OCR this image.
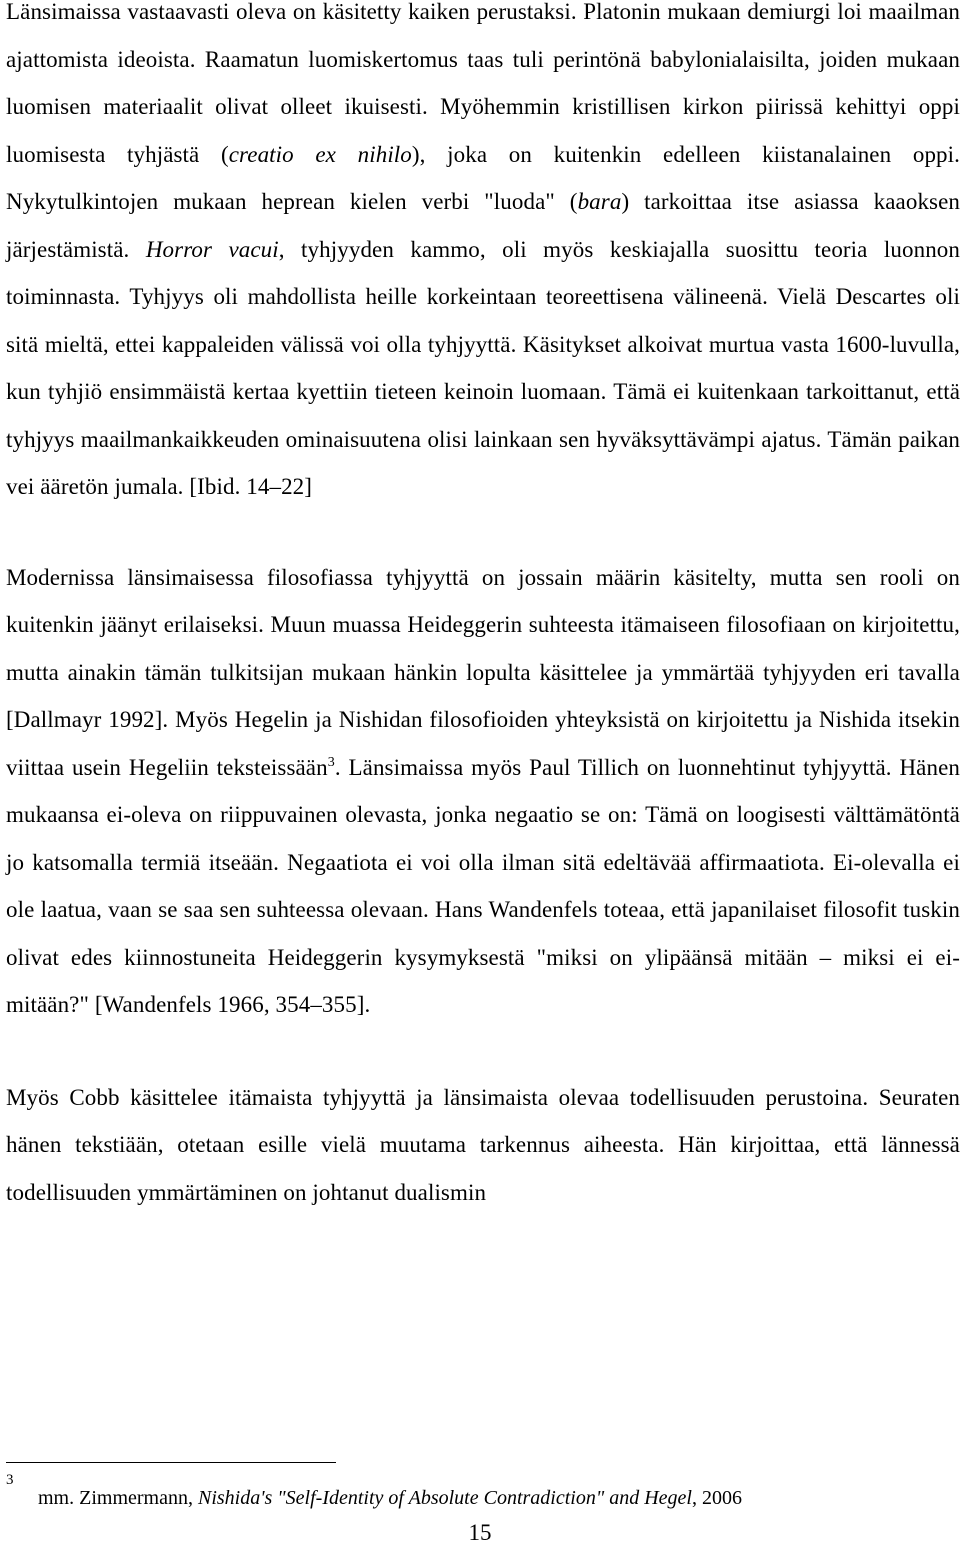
Länsimaissa vastaavasti oleva on käsitetty kaiken perustaksi. Platonin mukaan demiurgi loi maailman ajattomista ideoista. Raamatun luomiskertomus taas tuli perintönä babylonialaisilta, joiden mukaan luomisen materiaalit olivat olleet ikuisesti. Myöhemmin kristillisen kirkon piirissä kehittyi oppi luomisesta tyhjästä (creatio ex nihilo), joka on kuitenkin edelleen kiistanalainen oppi. Nykytulkintojen mukaan heprean kielen verbi "luoda" (bara) tarkoittaa itse asiassa kaaoksen järjestämistä. Horror vacui, tyhjyyden kammo, oli myös keskiajalla suosittu teoria luonnon toiminnasta. Tyhjyys oli mahdollista heille korkeintaan teoreettisena välineenä. Vielä Descartes oli sitä mieltä, ettei kappaleiden välissä voi olla tyhjyyttä. Käsitykset alkoivat murtua vasta 1600-luvulla, kun tyhjiö ensimmäistä kertaa kyettiin tieteen keinoin luomaan. Tämä ei kuitenkaan tarkoittanut, että tyhjyys maailmankaikkeuden ominaisuutena olisi lainkaan sen hyväksyttävämpi ajatus. Tämän paikan vei ääretön jumala. [Ibid. 14–22]

Modernissa länsimaisessa filosofiassa tyhjyyttä on jossain määrin käsitelty, mutta sen rooli on kuitenkin jäänyt erilaiseksi. Muun muassa Heideggerin suhteesta itämaiseen filosofiaan on kirjoitettu, mutta ainakin tämän tulkitsijan mukaan hänkin lopulta käsittelee ja ymmärtää tyhjyyden eri tavalla [Dallmayr 1992]. Myös Hegelin ja Nishidan filosofioiden yhteyksistä on kirjoitettu ja Nishida itsekin viittaa usein Hegeliin teksteissään$^3$. Länsimaissa myös Paul Tillich on luonnehtinut tyhjyyttä. Hänen mukaansa ei-oleva on riippuvainen olevasta, jonka negaatio se on: Tämä on loogisesti välttämätöntä jo katsomalla termiä itseään. Negaatiota ei voi olla ilman sitä edeltävää affirmaatiota. Ei-olevalla ei ole laatua, vaan se saa sen suhteessa olevaan. Hans Wandenfels toteaa, että japanilaiset filosofit tuskin olivat edes kiinnostuneita Heideggerin kysymyksestä "miksi on ylipäänsä mitään – miksi ei ei-mitään?" [Wandenfels 1966, 354–355].

Myös Cobb käsittelee itämaista tyhjyyttä ja länsimaista olevaa todellisuuden perustoina. Seuraten hänen tekstiään, otetaan esille vielä muutama tarkennus aiheesta. Hän kirjoittaa, että lännessä todellisuuden ymmärtäminen on johtanut dualismin

3
mm. Zimmermann, Nishida's "Self-Identity of Absolute Contradiction" and Hegel, 2006
15
